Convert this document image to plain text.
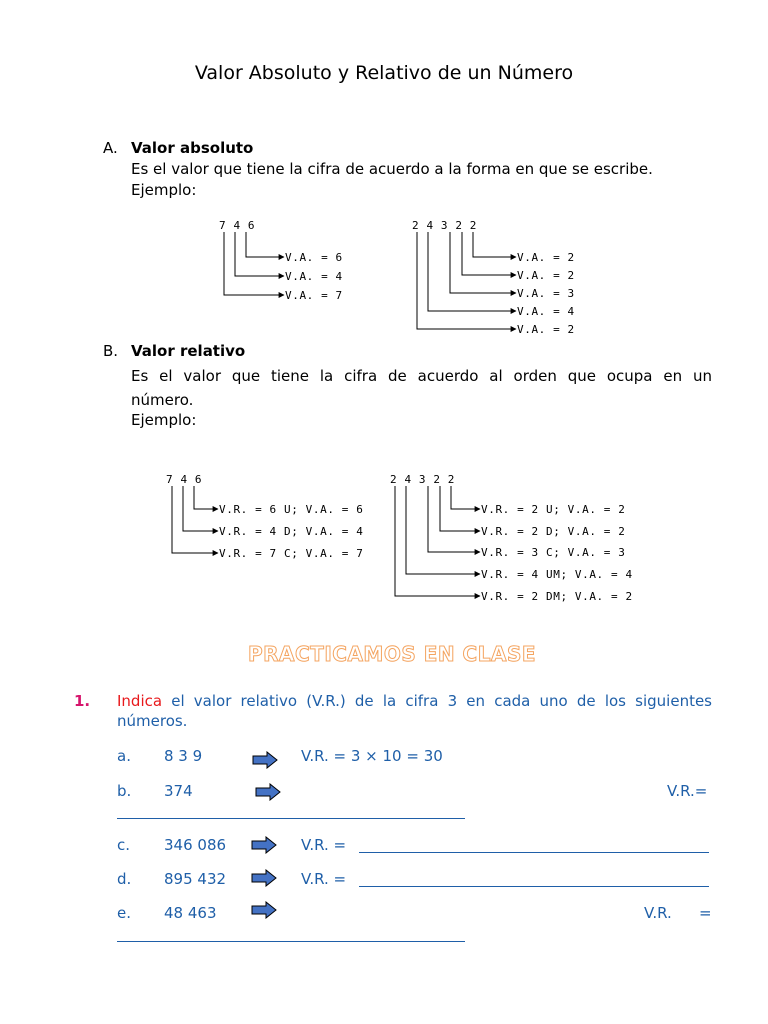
Valor Absoluto y Relativo de un Número
A. Valor absoluto
Es el valor que tiene la cifra de acuerdo a la forma en que se escribe.
Ejemplo:
7 4 6
V.A. = 6
V.A. = 4
V.A. = 7
2 4 3 2 2
V.A. = 2
V.A. = 2
V.A. = 3
V.A. = 4
V.A. = 2
B. Valor relativo
Es el valor que tiene la cifra de acuerdo al orden que ocupa en un
número.
Ejemplo:
7 4 6
V.R. = 6 U; V.A. = 6
V.R. = 4 D; V.A. = 4
V.R. = 7 C; V.A. = 7
2 4 3 2 2
V.R. = 2 U; V.A. = 2
V.R. = 2 D; V.A. = 2
V.R. = 3 C; V.A. = 3
V.R. = 4 UM; V.A. = 4
V.R. = 2 DM; V.A. = 2
PRACTICAMOS EN CLASE
1. Indica el valor relativo (V.R.) de la cifra 3 en cada uno de los siguientes
números.
a. 8 3 9	V.R. = 3 × 10 = 30
b. 374	V.R.=
c. 346 086	V.R. =
d. 895 432	V.R. =
e. 48 463	V.R. =
